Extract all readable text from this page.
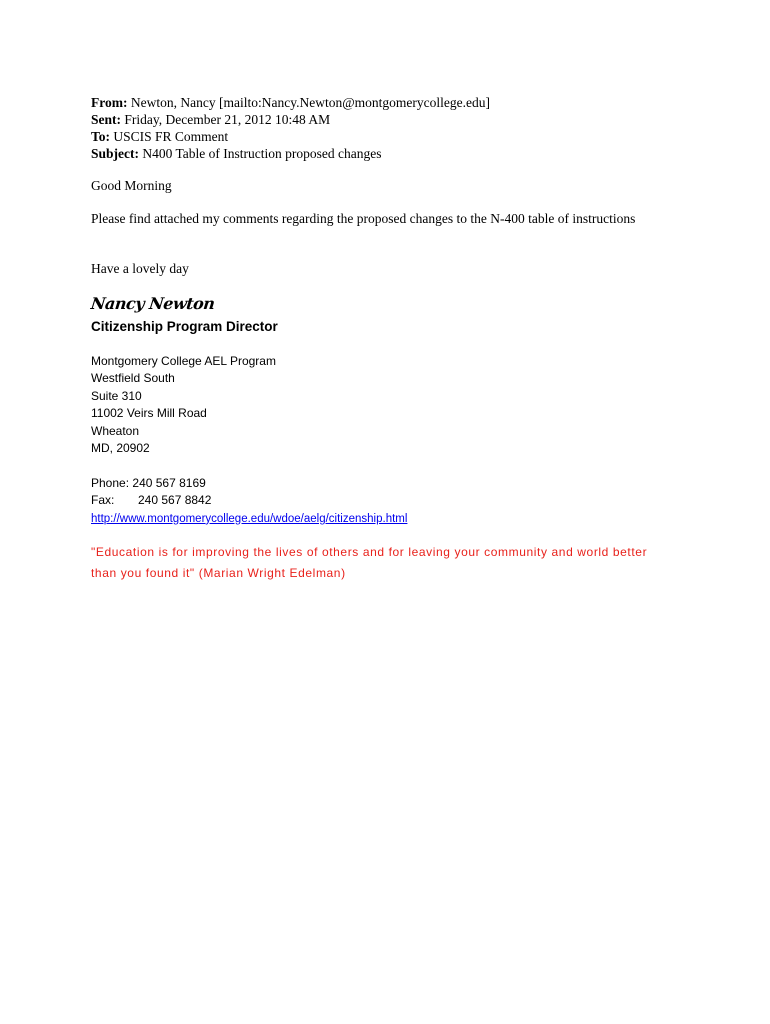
From: Newton, Nancy [mailto:Nancy.Newton@montgomerycollege.edu]
Sent: Friday, December 21, 2012 10:48 AM
To: USCIS FR Comment
Subject: N400 Table of Instruction proposed changes
Good Morning
Please find attached my comments regarding the proposed changes to the N-400 table of instructions
Have a lovely day
Nancy Newton
Citizenship Program Director
Montgomery College AEL Program
Westfield South
Suite 310
11002 Veirs Mill Road
Wheaton
MD, 20902
Phone: 240 567 8169
Fax: 240 567 8842
http://www.montgomerycollege.edu/wdoe/aelg/citizenship.html
"Education is for improving the lives of others and for leaving your community and world better than you found it" (Marian Wright Edelman)
